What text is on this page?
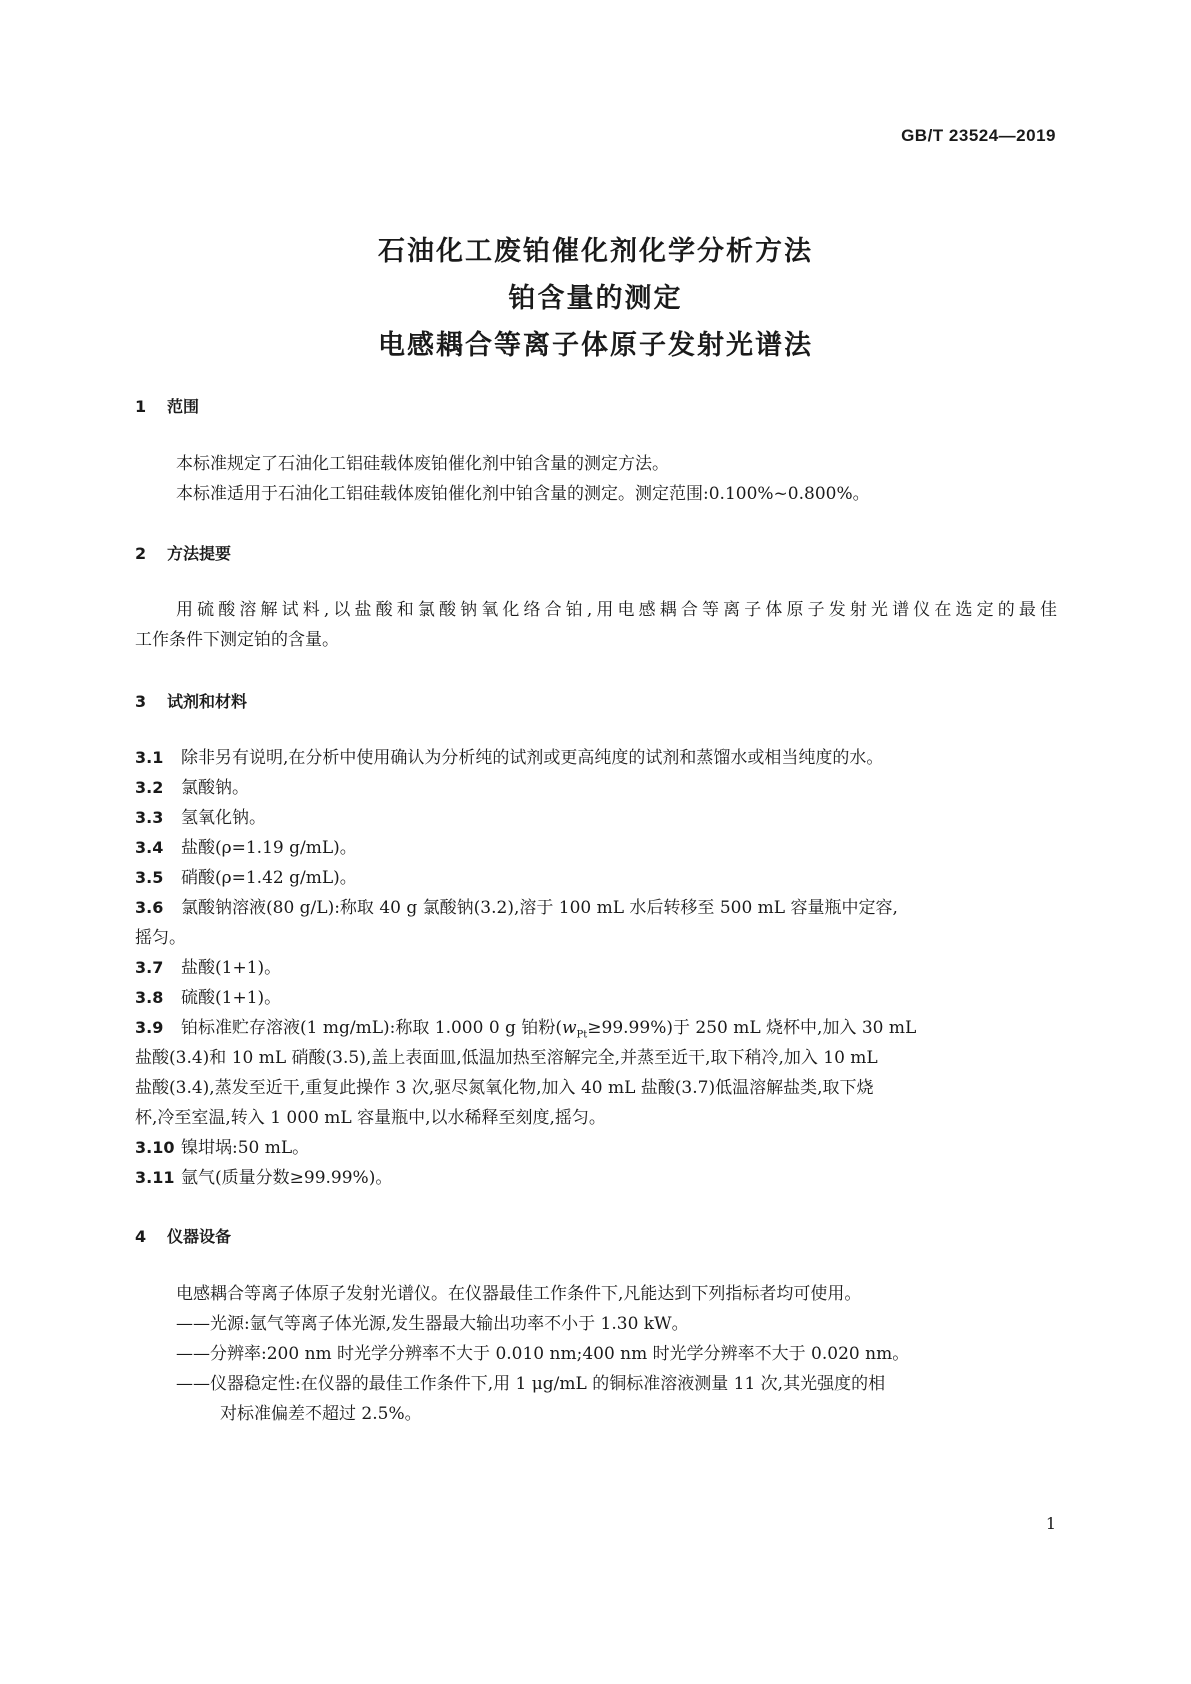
GB/T 23524—2019
石油化工废铂催化剂化学分析方法
铂含量的测定
电感耦合等离子体原子发射光谱法
1 范围
本标准规定了石油化工铝硅载体废铂催化剂中铂含量的测定方法。
本标准适用于石油化工铝硅载体废铂催化剂中铂含量的测定。测定范围:0.100%~0.800%。
2 方法提要
用硫酸溶解试料,以盐酸和氯酸钠氧化络合铂,用电感耦合等离子体原子发射光谱仪在选定的最佳
工作条件下测定铂的含量。
3 试剂和材料
3.1 除非另有说明,在分析中使用确认为分析纯的试剂或更高纯度的试剂和蒸馏水或相当纯度的水。
3.2 氯酸钠。
3.3 氢氧化钠。
3.4 盐酸(ρ=1.19 g/mL)。
3.5 硝酸(ρ=1.42 g/mL)。
3.6 氯酸钠溶液(80 g/L):称取 40 g 氯酸钠(3.2),溶于 100 mL 水后转移至 500 mL 容量瓶中定容,
摇匀。
3.7 盐酸(1+1)。
3.8 硫酸(1+1)。
3.9 铂标准贮存溶液(1 mg/mL):称取 1.000 0 g 铂粉$(w_{Pt}\ge 99.99\%)$于 250 mL 烧杯中,加入 30 mL
盐酸(3.4)和 10 mL 硝酸(3.5),盖上表面皿,低温加热至溶解完全,并蒸至近干,取下稍冷,加入 10 mL
盐酸(3.4),蒸发至近干,重复此操作 3 次,驱尽氮氧化物,加入 40 mL 盐酸(3.7)低温溶解盐类,取下烧
杯,冷至室温,转入 1 000 mL 容量瓶中,以水稀释至刻度,摇匀。
3.10 镍坩埚:50 mL。
3.11 氩气(质量分数≥99.99%)。
4 仪器设备
电感耦合等离子体原子发射光谱仪。在仪器最佳工作条件下,凡能达到下列指标者均可使用。
——光源:氩气等离子体光源,发生器最大输出功率不小于 1.30 kW。
——分辨率:200 nm 时光学分辨率不大于 0.010 nm;400 nm 时光学分辨率不大于 0.020 nm。
——仪器稳定性:在仪器的最佳工作条件下,用 1 μg/mL 的铜标准溶液测量 11 次,其光强度的相
对标准偏差不超过 2.5%。
1
